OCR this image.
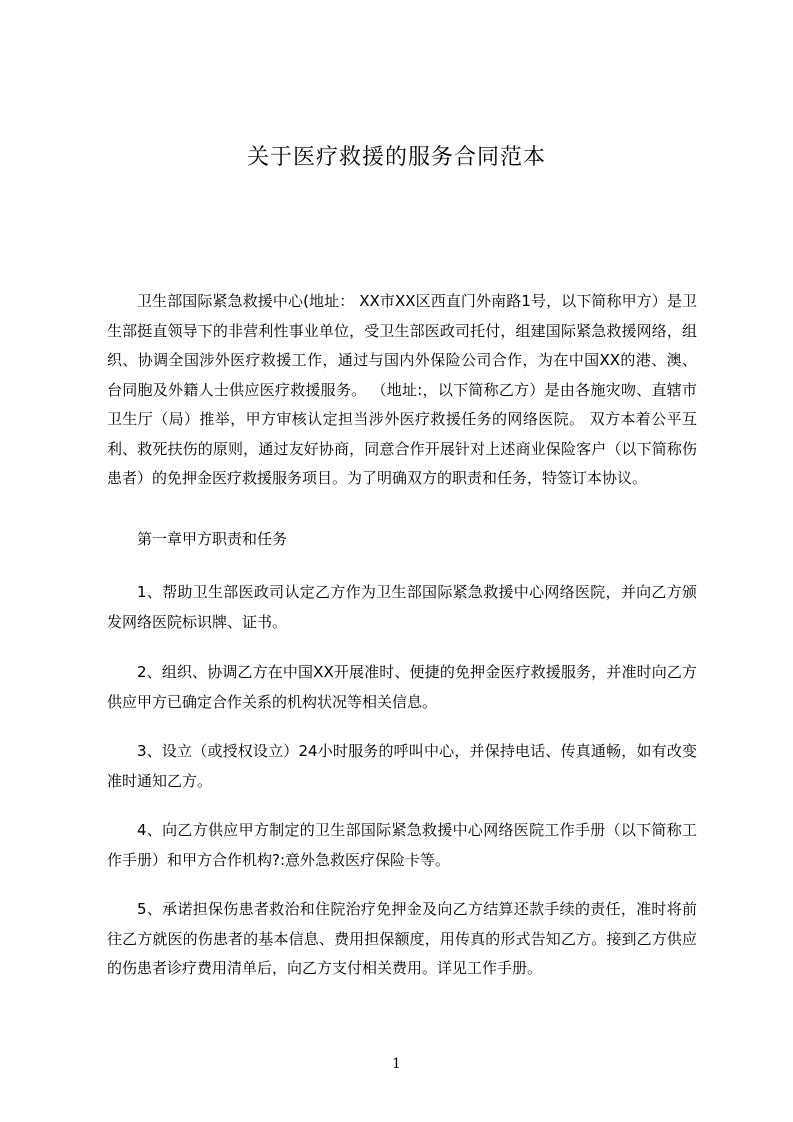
关于医疗救援的服务合同范本

卫生部国际紧急救援中心(地址： XX市XX区西直门外南路1号，以下简称甲方）是卫生部挺直领导下的非营利性事业单位，受卫生部医政司托付，组建国际紧急救援网络，组织、协调全国涉外医疗救援工作，通过与国内外保险公司合作，为在中国XX的港、澳、台同胞及外籍人士供应医疗救援服务。 （地址:，以下简称乙方）是由各施灾吻、直辖市卫生厅（局）推举，甲方审核认定担当涉外医疗救援任务的网络医院。 双方本着公平互利、救死扶伤的原则，通过友好协商，同意合作开展针对上述商业保险客户（以下简称伤患者）的免押金医疗救援服务项目。为了明确双方的职责和任务，特签订本协议。

第一章甲方职责和任务

1、帮助卫生部医政司认定乙方作为卫生部国际紧急救援中心网络医院，并向乙方颁发网络医院标识牌、证书。

2、组织、协调乙方在中国XX开展准时、便捷的免押金医疗救援服务，并准时向乙方供应甲方已确定合作关系的机构状况等相关信息。

3、设立（或授权设立）24小时服务的呼叫中心，并保持电话、传真通畅，如有改变准时通知乙方。

4、向乙方供应甲方制定的卫生部国际紧急救援中心网络医院工作手册（以下简称工作手册）和甲方合作机构?:意外急救医疗保险卡等。

5、承诺担保伤患者救治和住院治疗免押金及向乙方结算还款手续的责任，准时将前往乙方就医的伤患者的基本信息、费用担保额度，用传真的形式告知乙方。接到乙方供应的伤患者诊疗费用清单后，向乙方支付相关费用。详见工作手册。

1
